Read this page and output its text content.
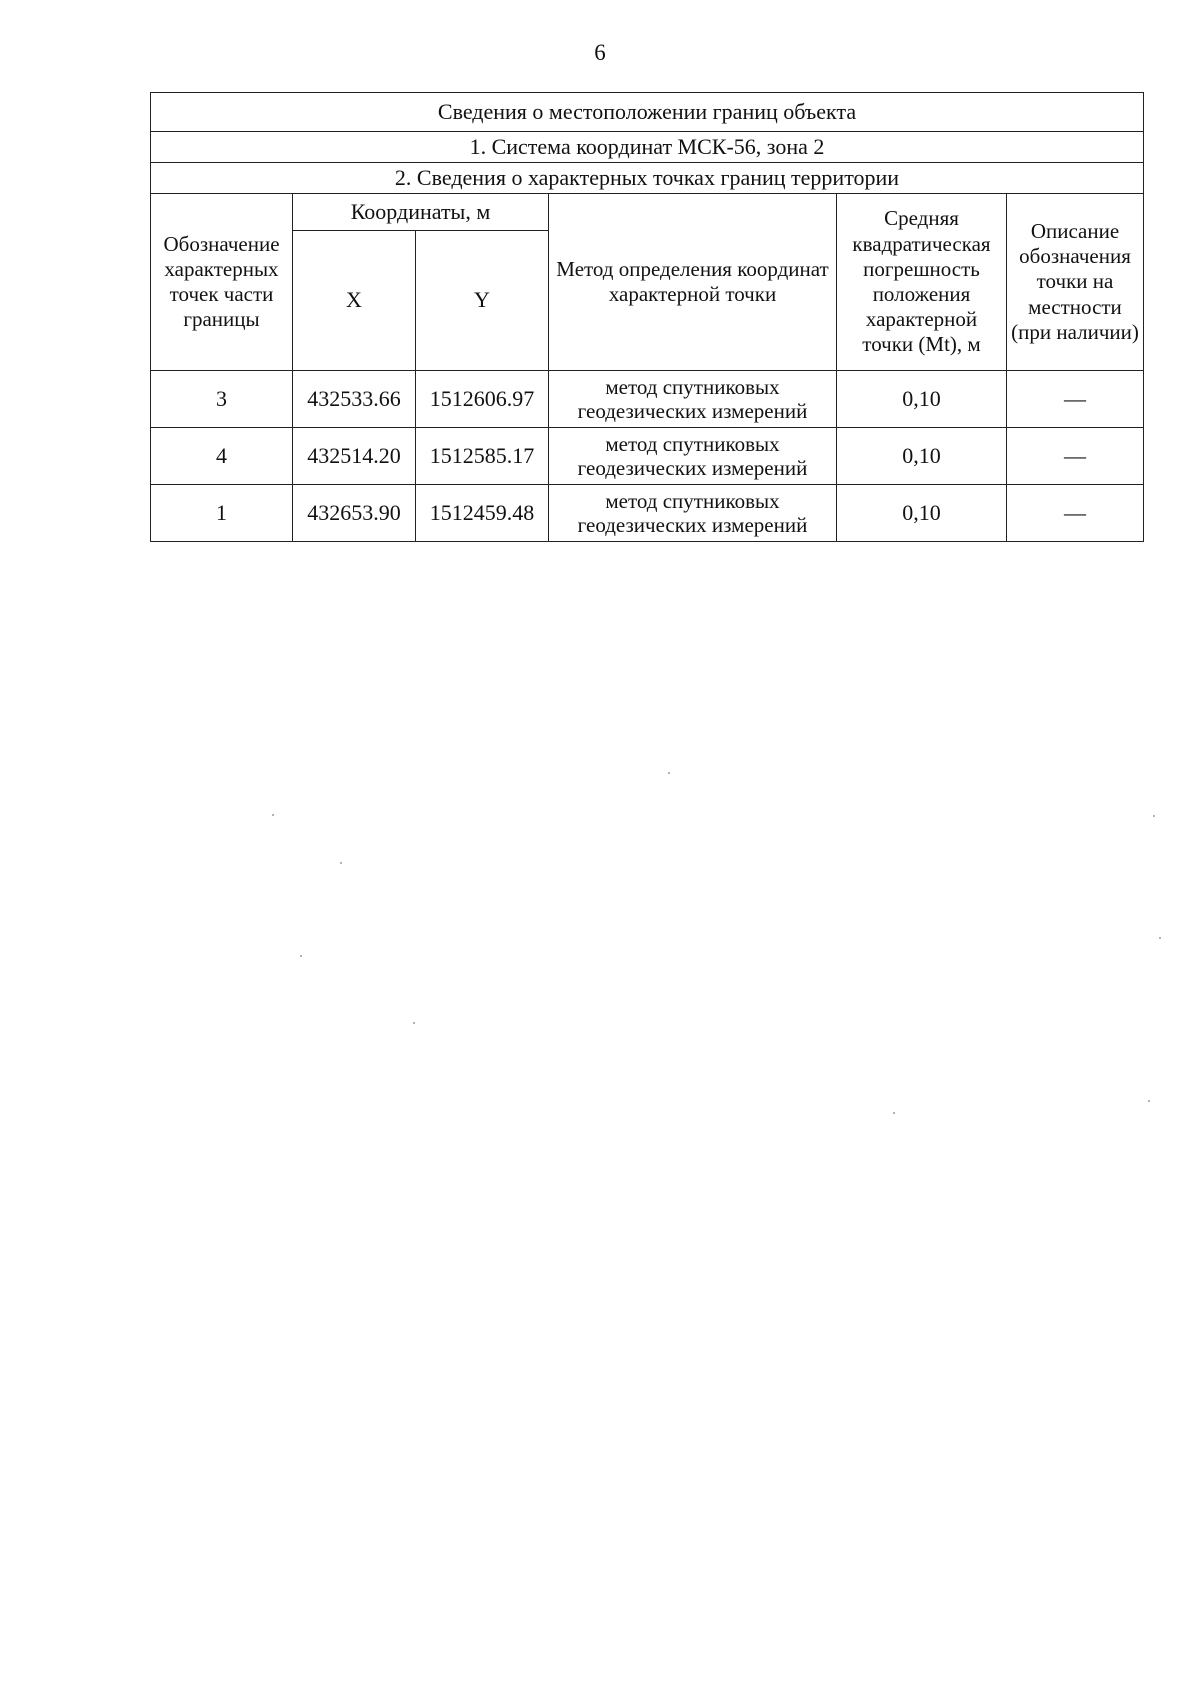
6
Сведения о местоположении границ объекта					
1. Система координат МСК-56, зона 2					
2. Сведения о характерных точках границ территории					
Обозначение характерных точек части границы	Координаты, м		Метод определения координат характерной точки	Средняя квадратическая погрешность положения характерной точки (Mt), м	Описание обозначения точки на местности (при наличии)
	X	Y			
3	432533.66	1512606.97	метод спутниковых геодезических измерений	0,10	—
4	432514.20	1512585.17	метод спутниковых геодезических измерений	0,10	—
1	432653.90	1512459.48	метод спутниковых геодезических измерений	0,10	—
